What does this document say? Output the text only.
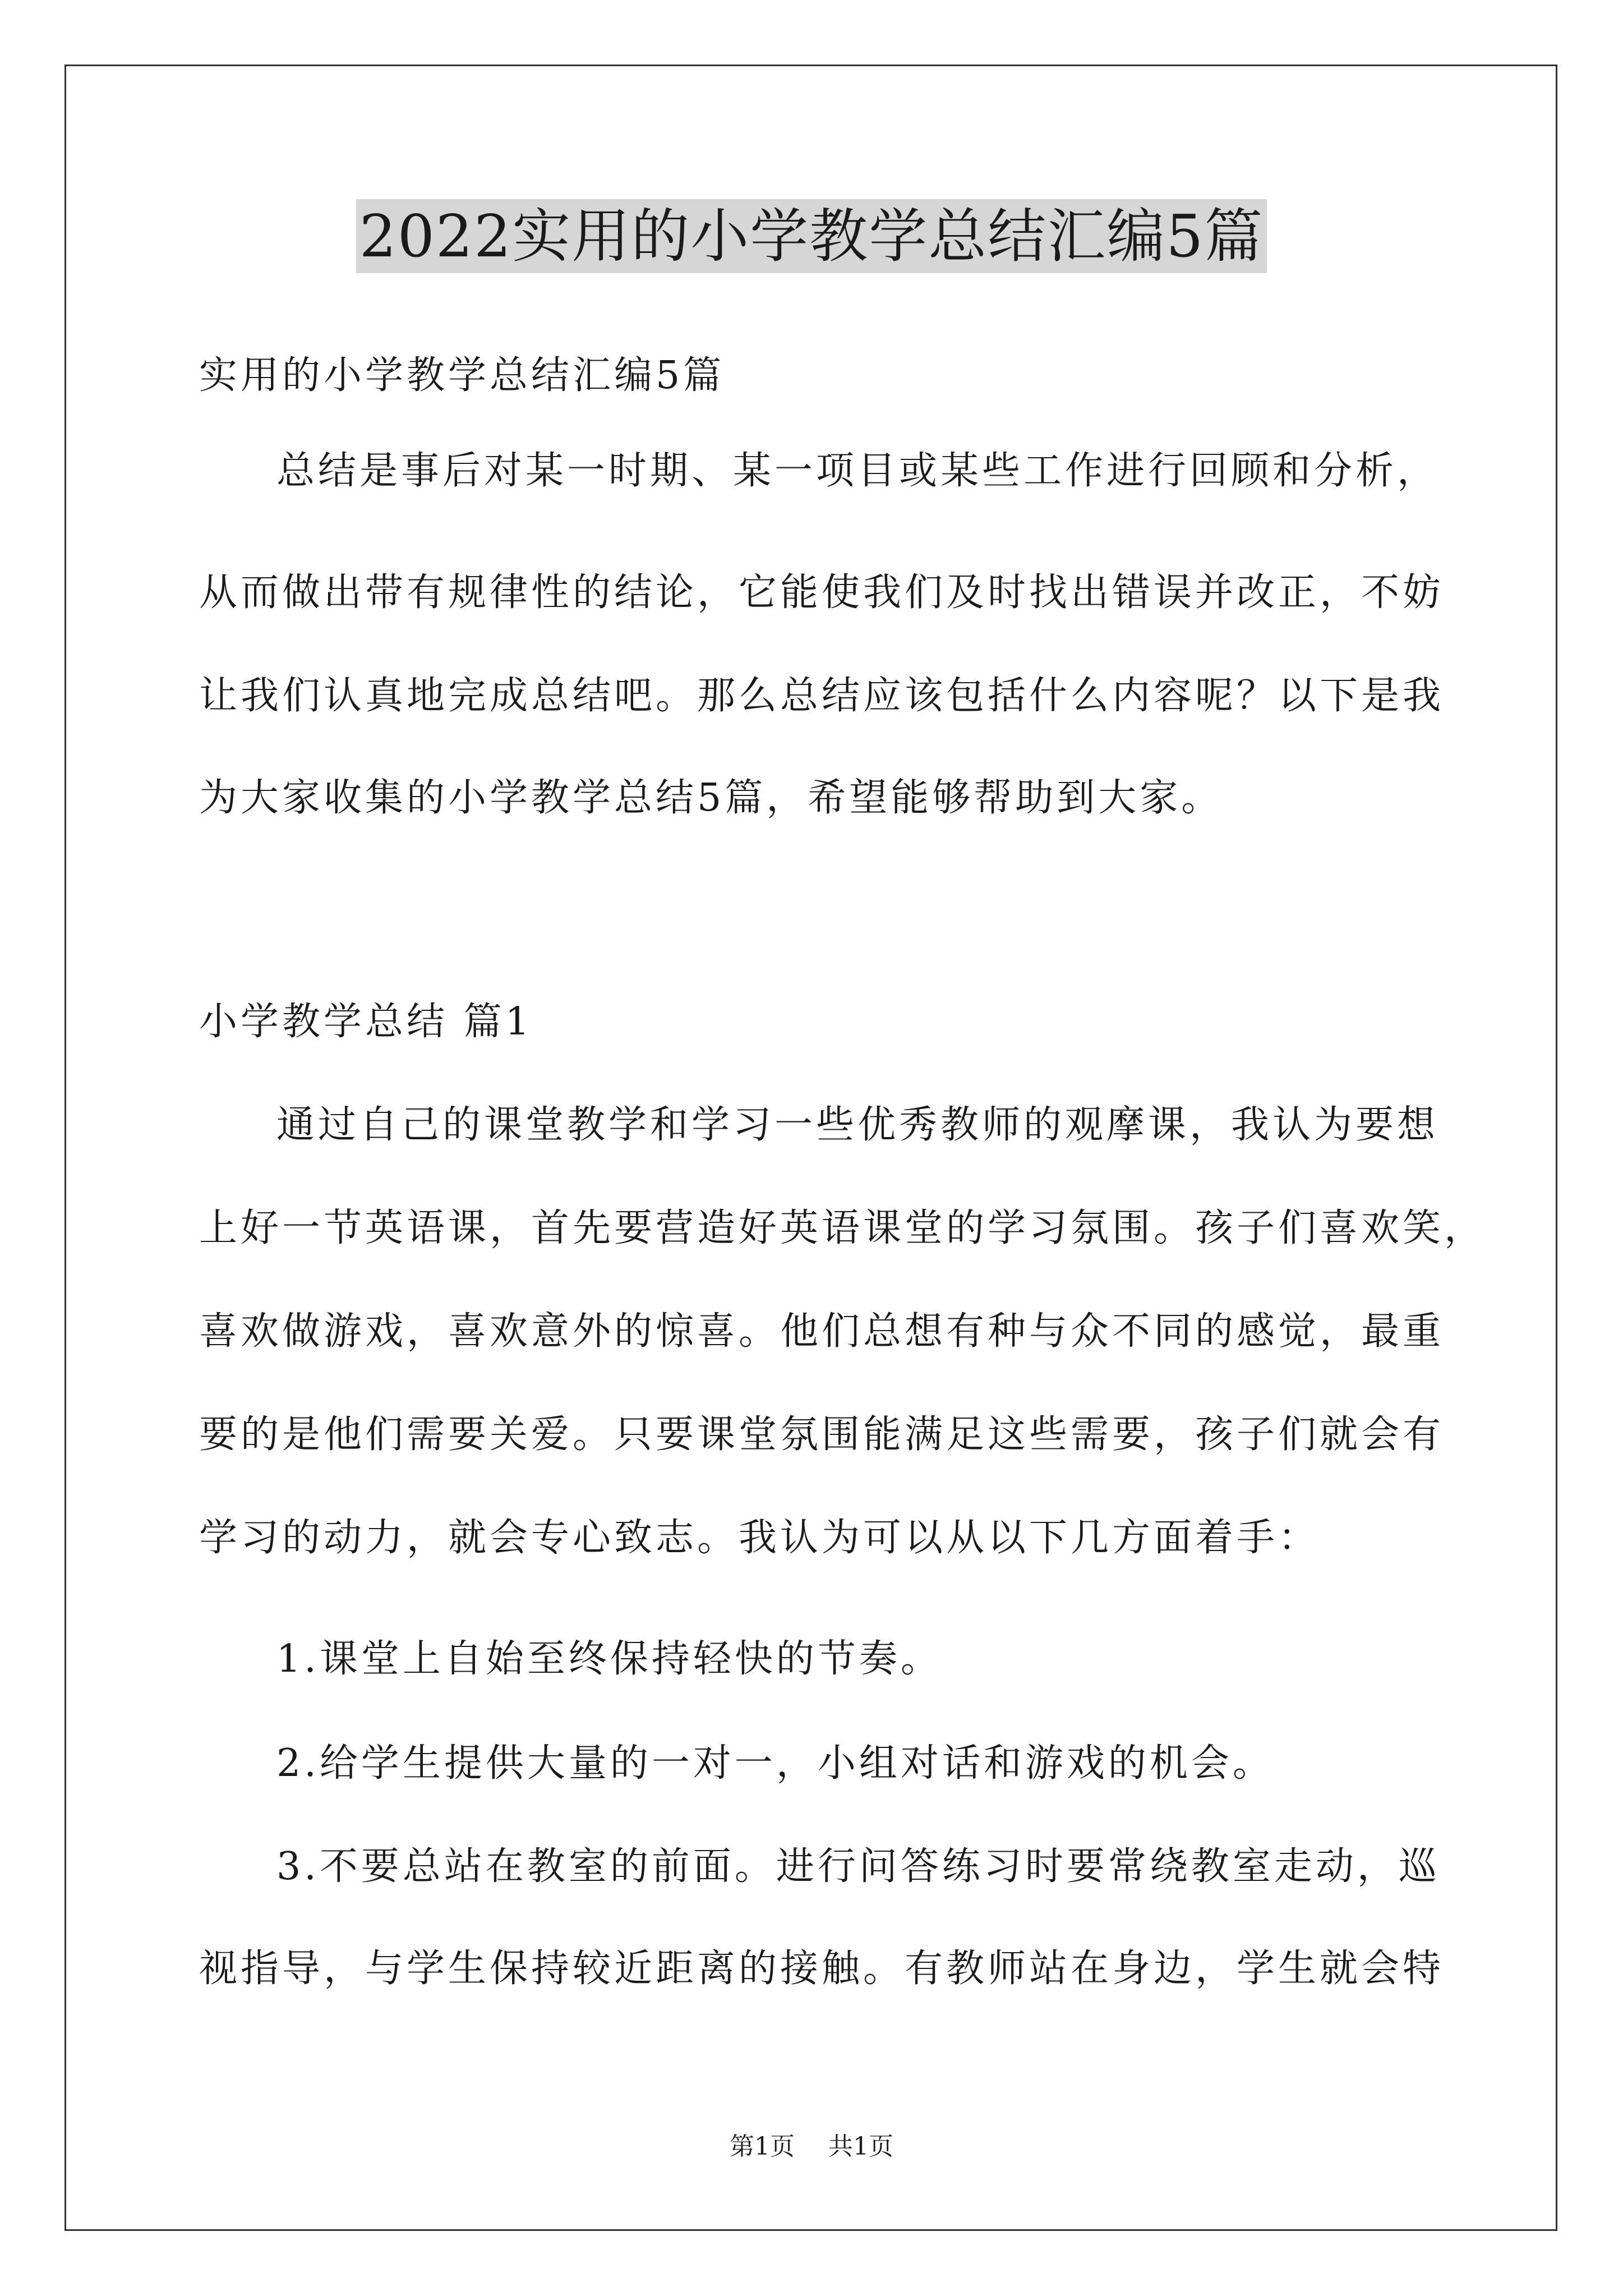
2022实用的小学教学总结汇编5篇
实用的小学教学总结汇编5篇
总结是事后对某一时期、某一项目或某些工作进行回顾和分析，
从而做出带有规律性的结论，它能使我们及时找出错误并改正，不妨
让我们认真地完成总结吧。那么总结应该包括什么内容呢？以下是我
为大家收集的小学教学总结5篇，希望能够帮助到大家。
小学教学总结 篇1
通过自己的课堂教学和学习一些优秀教师的观摩课，我认为要想
上好一节英语课，首先要营造好英语课堂的学习氛围。孩子们喜欢笑，
喜欢做游戏，喜欢意外的惊喜。他们总想有种与众不同的感觉，最重
要的是他们需要关爱。只要课堂氛围能满足这些需要，孩子们就会有
学习的动力，就会专心致志。我认为可以从以下几方面着手：
1.课堂上自始至终保持轻快的节奏。
2.给学生提供大量的一对一，小组对话和游戏的机会。
3.不要总站在教室的前面。进行问答练习时要常绕教室走动，巡
视指导，与学生保持较近距离的接触。有教师站在身边，学生就会特
第1页 共1页
